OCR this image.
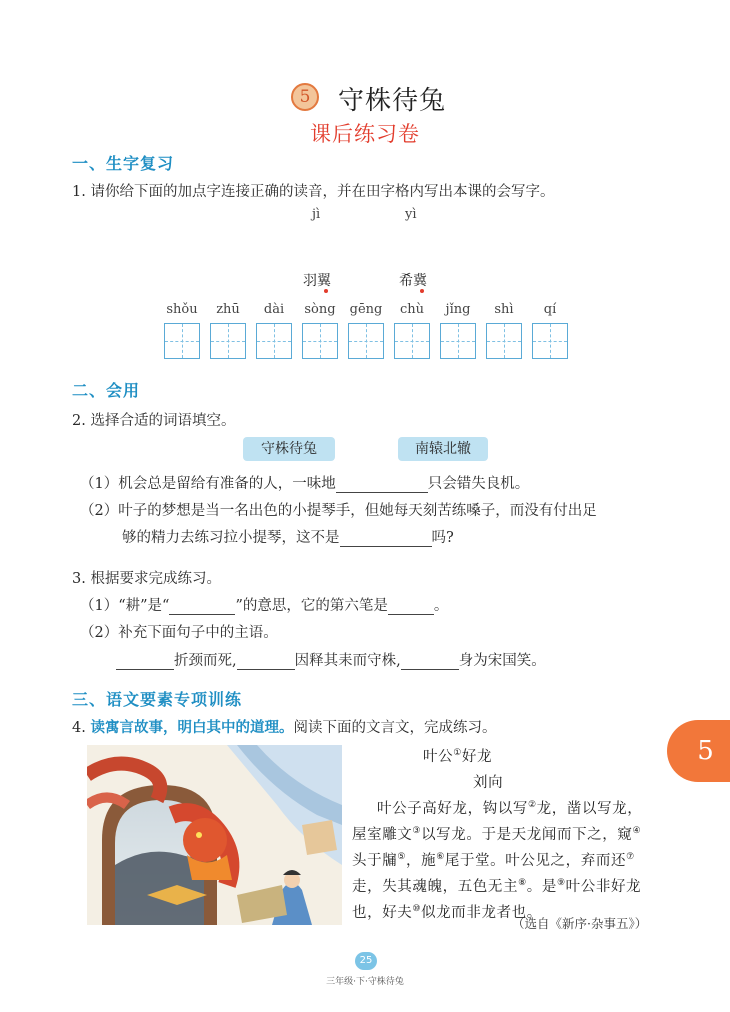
5	守株待兔
课后练习卷
一、生字复习
1. 请你给下面的加点字连接正确的读音，并在田字格内写出本课的会写字。
jì	yì
羽翼	希冀
shǒu	zhū	dài	sòng	gēng	chù	jǐng	shì	qí
二、会用
2. 选择合适的词语填空。
守株待兔	南辕北辙
（1）机会总是留给有准备的人，一味地	只会错失良机。
（2）叶子的梦想是当一名出色的小提琴手，但她每天刻苦练嗓子，而没有付出足
够的精力去练习拉小提琴，这不是	吗?
3. 根据要求完成练习。
（1）“耕”是“	”的意思，它的第六笔是	。
（2）补充下面句子中的主语。
折颈而死,	因释其耒而守株,	身为宋国笑。
三、语文要素专项训练
4. 读寓言故事，明白其中的道理。阅读下面的文言文，完成练习。
5
叶公①好龙
刘向
叶公子高好龙，钩以写②龙，凿以写龙，
屋室雕文③以写龙。于是天龙闻而下之，窥④
头于牖⑤，施⑥尾于堂。叶公见之，弃而还⑦
走，失其魂魄，五色无主⑧。是⑨叶公非好龙
也，好夫⑩似龙而非龙者也。
（选自《新序·杂事五》）
25
三年级·下·守株待兔
